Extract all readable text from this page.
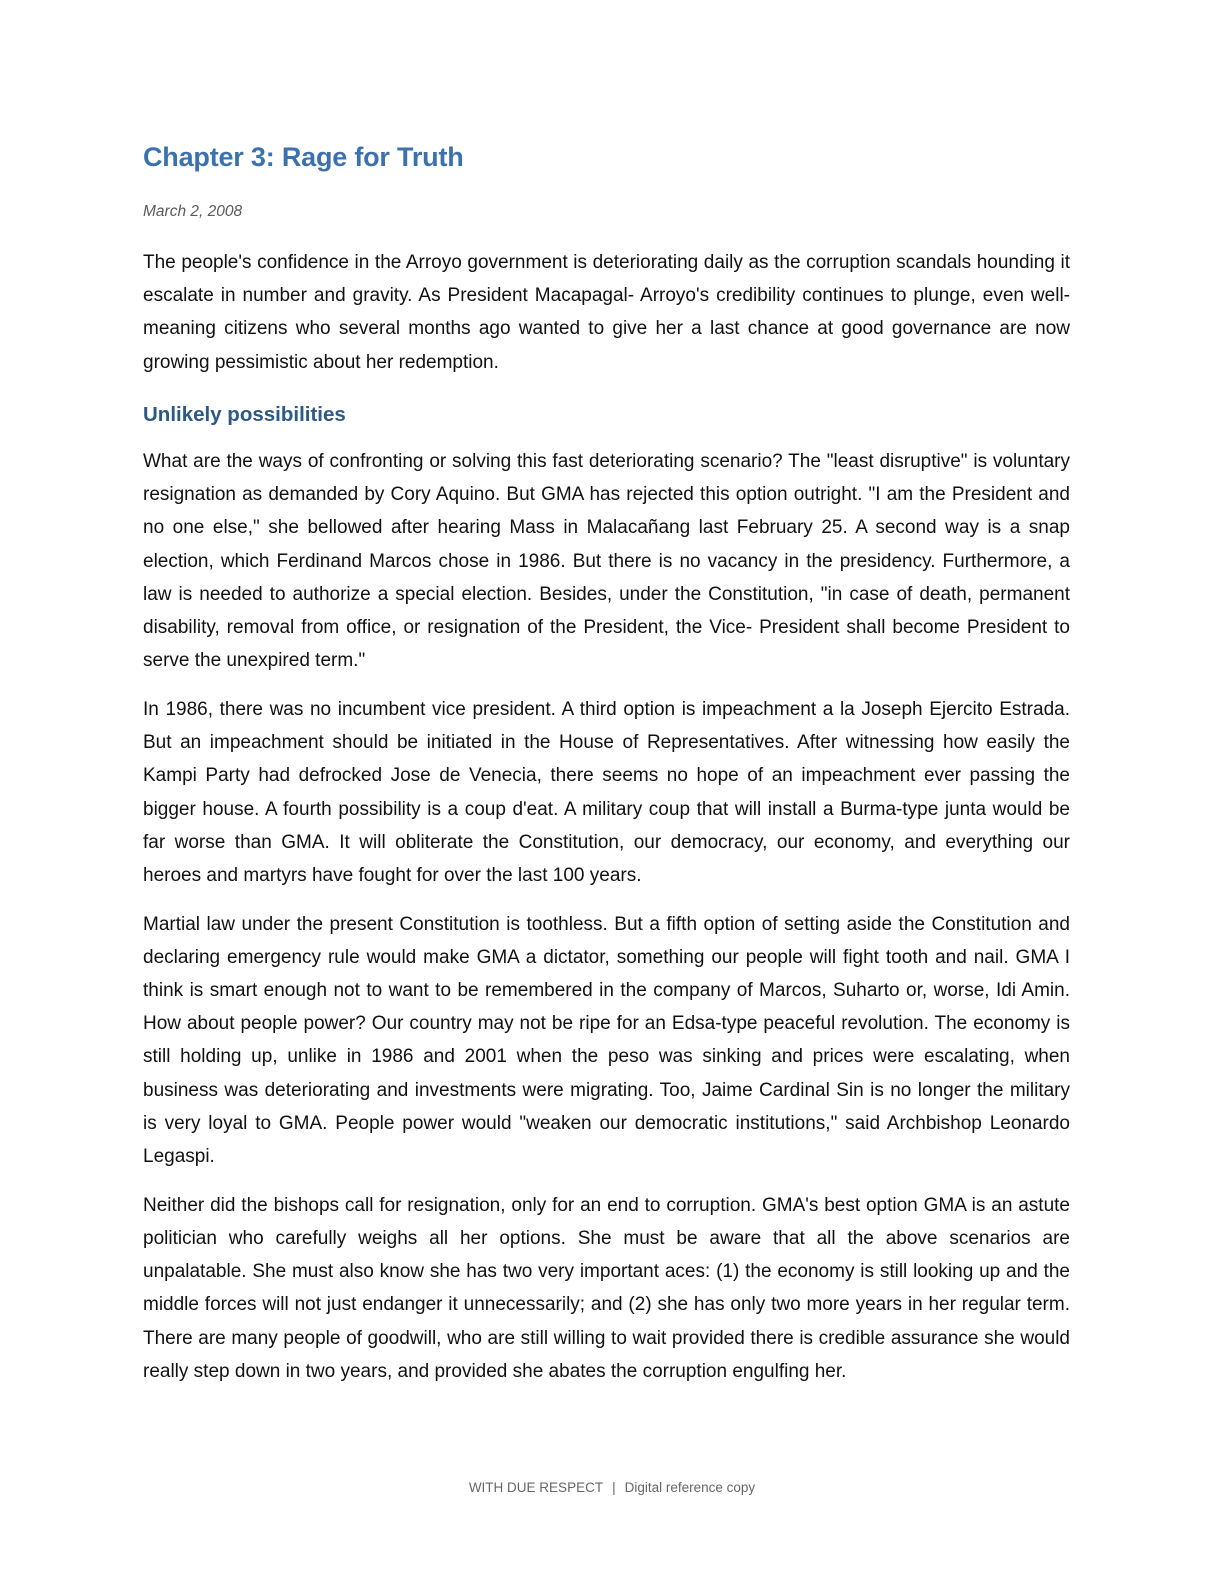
Chapter 3: Rage for Truth

March 2, 2008

The people's confidence in the Arroyo government is deteriorating daily as the corruption scandals hounding it escalate in number and gravity. As President Macapagal- Arroyo's credibility continues to plunge, even well-meaning citizens who several months ago wanted to give her a last chance at good governance are now growing pessimistic about her redemption.

Unlikely possibilities

What are the ways of confronting or solving this fast deteriorating scenario? The "least disruptive" is voluntary resignation as demanded by Cory Aquino. But GMA has rejected this option outright. "I am the President and no one else," she bellowed after hearing Mass in Malacañang last February 25. A second way is a snap election, which Ferdinand Marcos chose in 1986. But there is no vacancy in the presidency. Furthermore, a law is needed to authorize a special election. Besides, under the Constitution, "in case of death, permanent disability, removal from office, or resignation of the President, the Vice- President shall become President to serve the unexpired term."

In 1986, there was no incumbent vice president. A third option is impeachment a la Joseph Ejercito Estrada. But an impeachment should be initiated in the House of Representatives. After witnessing how easily the Kampi Party had defrocked Jose de Venecia, there seems no hope of an impeachment ever passing the bigger house. A fourth possibility is a coup d'eat. A military coup that will install a Burma-type junta would be far worse than GMA. It will obliterate the Constitution, our democracy, our economy, and everything our heroes and martyrs have fought for over the last 100 years.

Martial law under the present Constitution is toothless. But a fifth option of setting aside the Constitution and declaring emergency rule would make GMA a dictator, something our people will fight tooth and nail. GMA I think is smart enough not to want to be remembered in the company of Marcos, Suharto or, worse, Idi Amin. How about people power? Our country may not be ripe for an Edsa-type peaceful revolution. The economy is still holding up, unlike in 1986 and 2001 when the peso was sinking and prices were escalating, when business was deteriorating and investments were migrating. Too, Jaime Cardinal Sin is no longer the military is very loyal to GMA. People power would "weaken our democratic institutions," said Archbishop Leonardo Legaspi.

Neither did the bishops call for resignation, only for an end to corruption. GMA's best option GMA is an astute politician who carefully weighs all her options. She must be aware that all the above scenarios are unpalatable. She must also know she has two very important aces: (1) the economy is still looking up and the middle forces will not just endanger it unnecessarily; and (2) she has only two more years in her regular term. There are many people of goodwill, who are still willing to wait provided there is credible assurance she would really step down in two years, and provided she abates the corruption engulfing her.

WITH DUE RESPECT | Digital reference copy
